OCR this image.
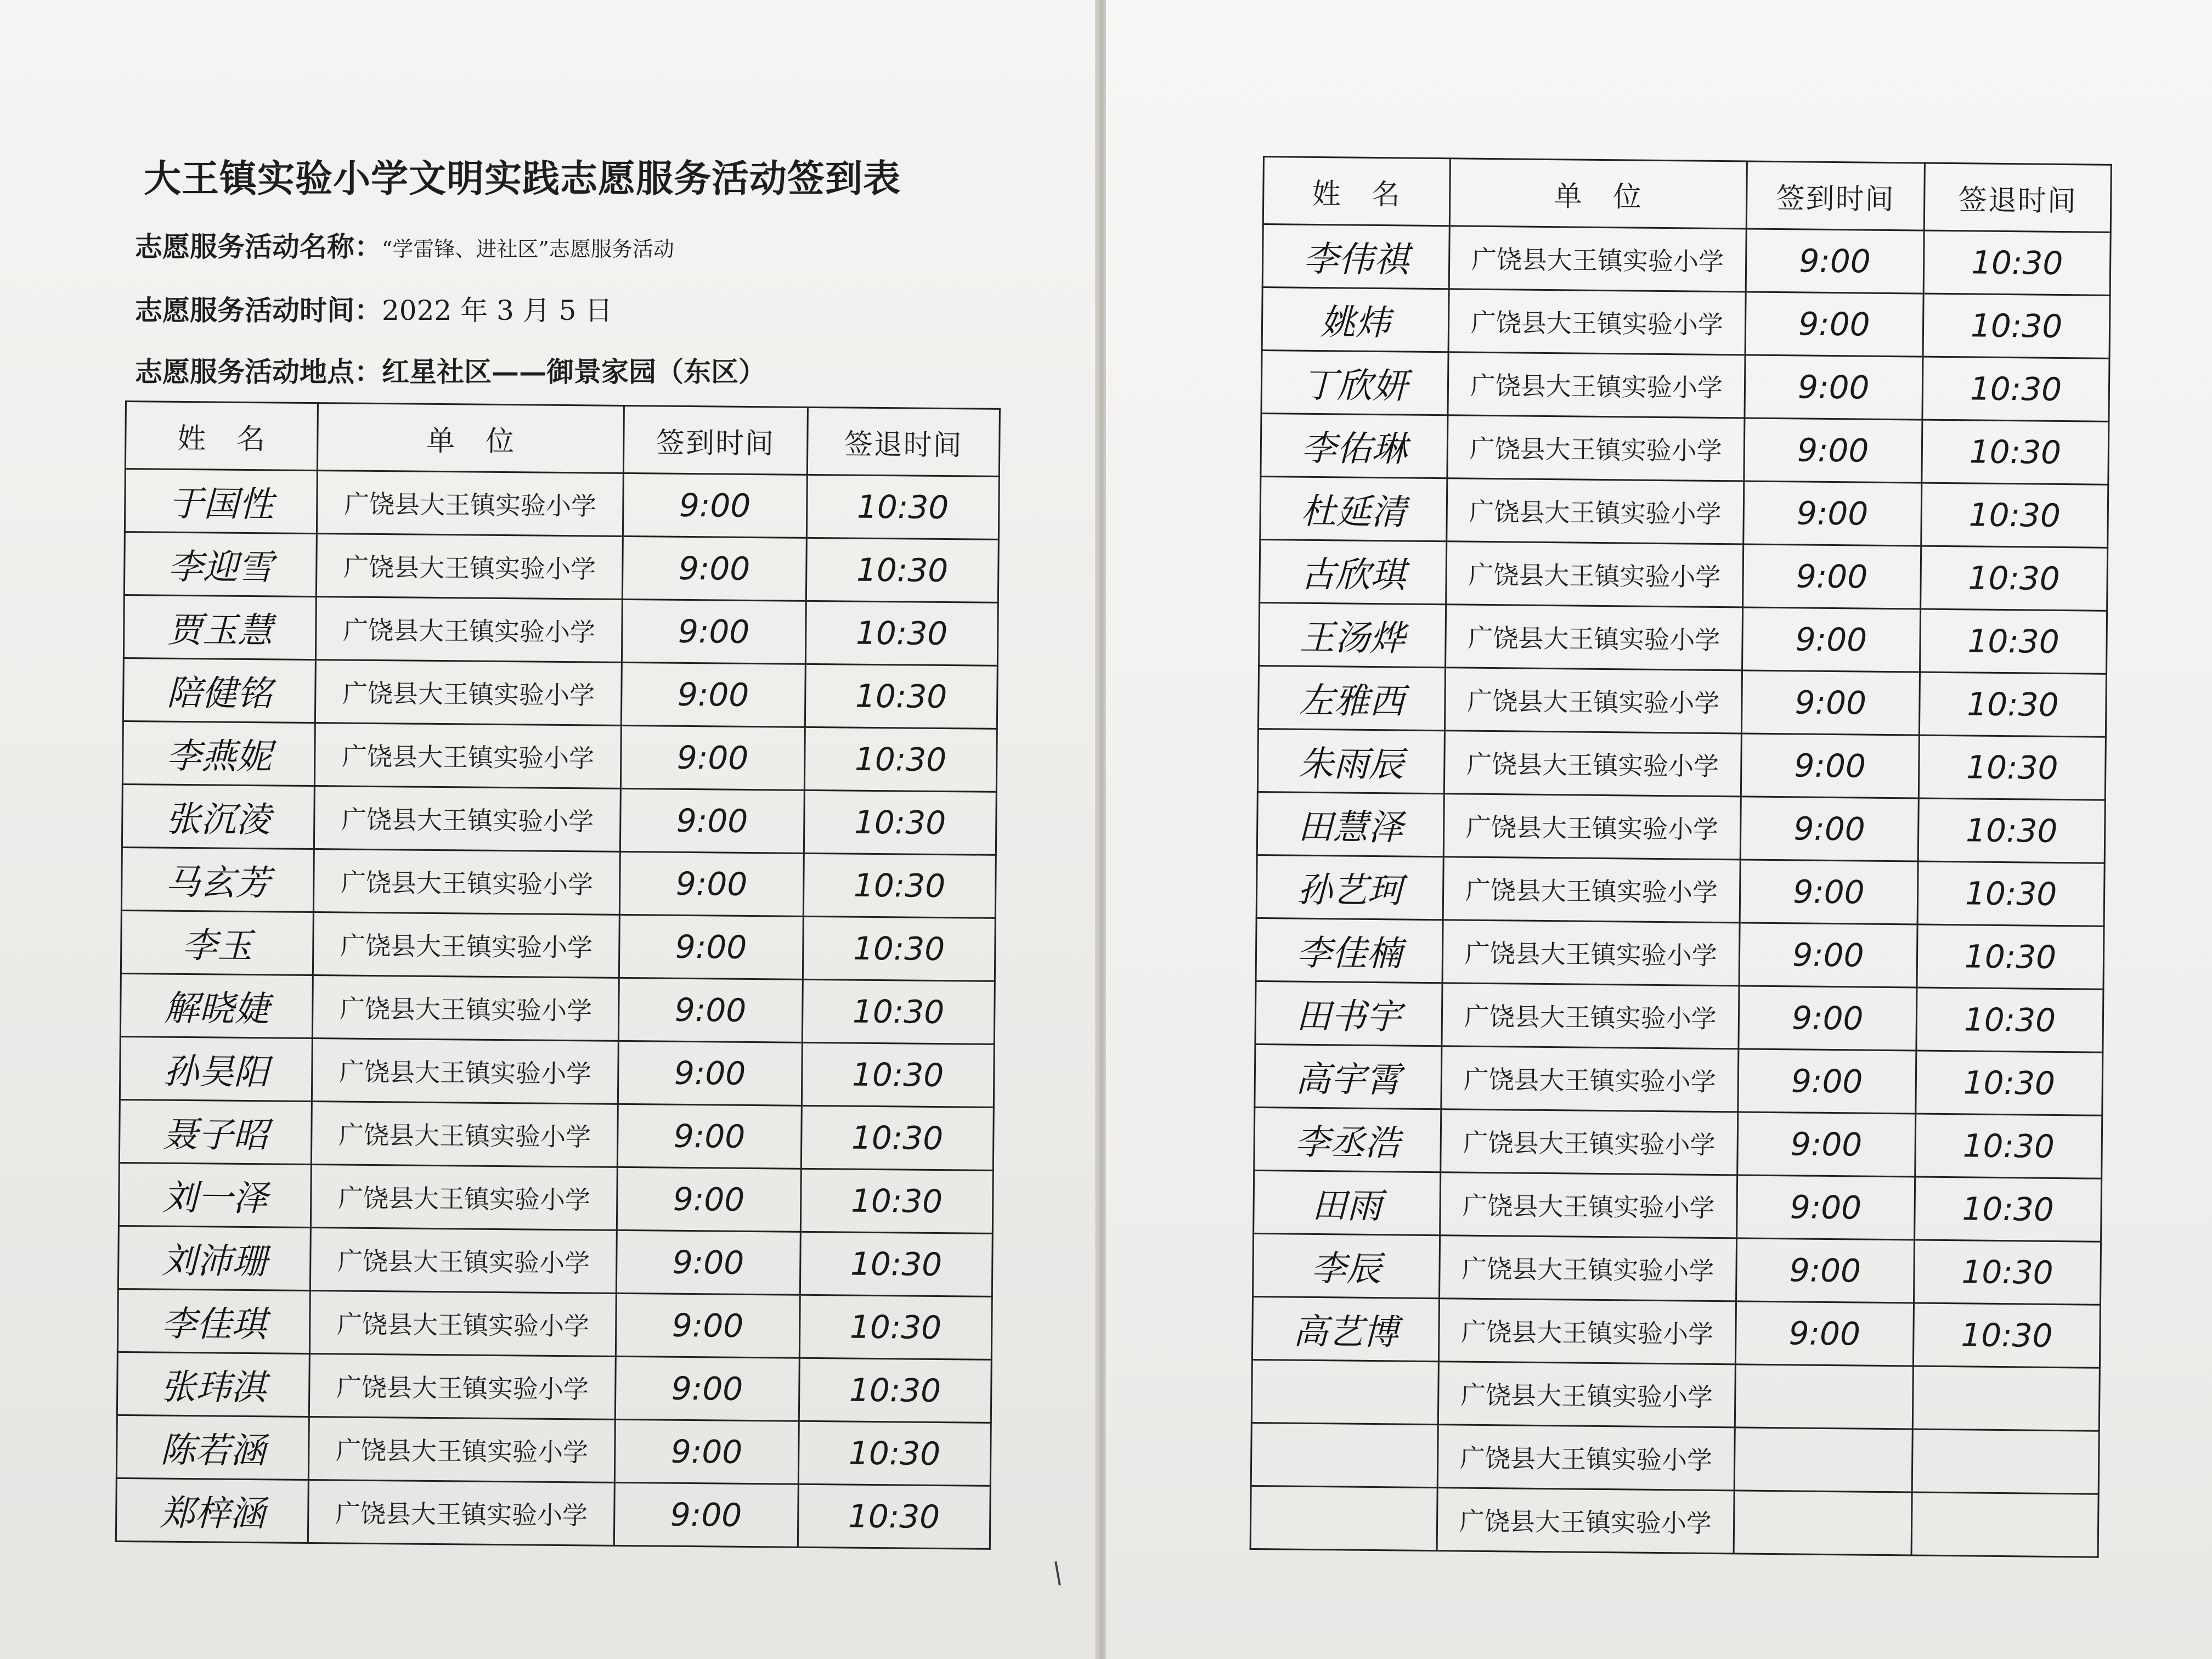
大王镇实验小学文明实践志愿服务活动签到表
志愿服务活动名称：“学雷锋、进社区”志愿服务活动
志愿服务活动时间：2022 年 3 月 5 日
志愿服务活动地点：红星社区——御景家园（东区）
姓　名	单　位	签到时间	签退时间
于国性	广饶县大王镇实验小学	9:00	10:30
李迎雪	广饶县大王镇实验小学	9:00	10:30
贾玉慧	广饶县大王镇实验小学	9:00	10:30
陪健铭	广饶县大王镇实验小学	9:00	10:30
李燕妮	广饶县大王镇实验小学	9:00	10:30
张沉淩	广饶县大王镇实验小学	9:00	10:30
马玄芳	广饶县大王镇实验小学	9:00	10:30
李玉	广饶县大王镇实验小学	9:00	10:30
解晓婕	广饶县大王镇实验小学	9:00	10:30
孙昊阳	广饶县大王镇实验小学	9:00	10:30
聂子昭	广饶县大王镇实验小学	9:00	10:30
刘一泽	广饶县大王镇实验小学	9:00	10:30
刘沛珊	广饶县大王镇实验小学	9:00	10:30
李佳琪	广饶县大王镇实验小学	9:00	10:30
张玮淇	广饶县大王镇实验小学	9:00	10:30
陈若涵	广饶县大王镇实验小学	9:00	10:30
郑梓涵	广饶县大王镇实验小学	9:00	10:30
姓　名	单　位	签到时间	签退时间
李伟祺	广饶县大王镇实验小学	9:00	10:30
姚炜	广饶县大王镇实验小学	9:00	10:30
丁欣妍	广饶县大王镇实验小学	9:00	10:30
李佑琳	广饶县大王镇实验小学	9:00	10:30
杜延清	广饶县大王镇实验小学	9:00	10:30
古欣琪	广饶县大王镇实验小学	9:00	10:30
王汤烨	广饶县大王镇实验小学	9:00	10:30
左雅西	广饶县大王镇实验小学	9:00	10:30
朱雨辰	广饶县大王镇实验小学	9:00	10:30
田慧泽	广饶县大王镇实验小学	9:00	10:30
孙艺珂	广饶县大王镇实验小学	9:00	10:30
李佳楠	广饶县大王镇实验小学	9:00	10:30
田书宇	广饶县大王镇实验小学	9:00	10:30
高宇霄	广饶县大王镇实验小学	9:00	10:30
李丞浩	广饶县大王镇实验小学	9:00	10:30
田雨	广饶县大王镇实验小学	9:00	10:30
李辰	广饶县大王镇实验小学	9:00	10:30
高艺博	广饶县大王镇实验小学	9:00	10:30
	广饶县大王镇实验小学		
	广饶县大王镇实验小学		
	广饶县大王镇实验小学		
